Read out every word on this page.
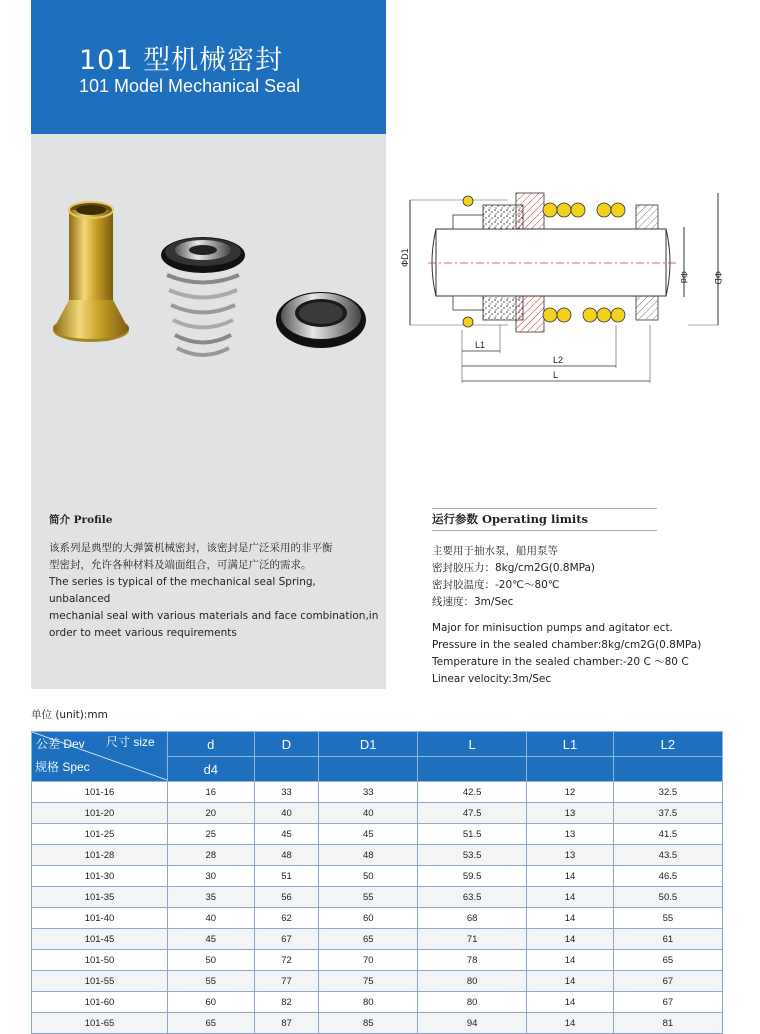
101 型机械密封
101 Model Mechanical Seal
简介 Profile

该系列是典型的大弹簧机械密封，该密封是广泛采用的非平衡

型密封，允许各种材料及端面组合，可满足广泛的需求。

The series is typical of the mechanical seal Spring, unbalanced

mechanial seal with various materials and face combination,in

order to meet various requirements

ΦD1
Φd	ΦD
L1
L2
L
运行参数 Operating limits

主要用于抽水泵，船用泵等

密封胶压力：8kg/cm2G(0.8MPa)

密封胶温度：-20℃～80℃

线速度：3m/Sec

Major for minisuction pumps and agitator ect.

Pressure in the sealed chamber:8kg/cm2G(0.8MPa)

Temperature in the sealed chamber:-20 C ～80 C

Linear velocity:3m/Sec

单位 (unit):mm
公差 Dev 尺寸 size
规格 Spec	d	D	D1	L	L1	L2
	d4					
101-16	16	33	33	42.5	12	32.5
101-20	20	40	40	47.5	13	37.5
101-25	25	45	45	51.5	13	41.5
101-28	28	48	48	53.5	13	43.5
101-30	30	51	50	59.5	14	46.5
101-35	35	56	55	63.5	14	50.5
101-40	40	62	60	68	14	55
101-45	45	67	65	71	14	61
101-50	50	72	70	78	14	65
101-55	55	77	75	80	14	67
101-60	60	82	80	80	14	67
101-65	65	87	85	94	14	81
